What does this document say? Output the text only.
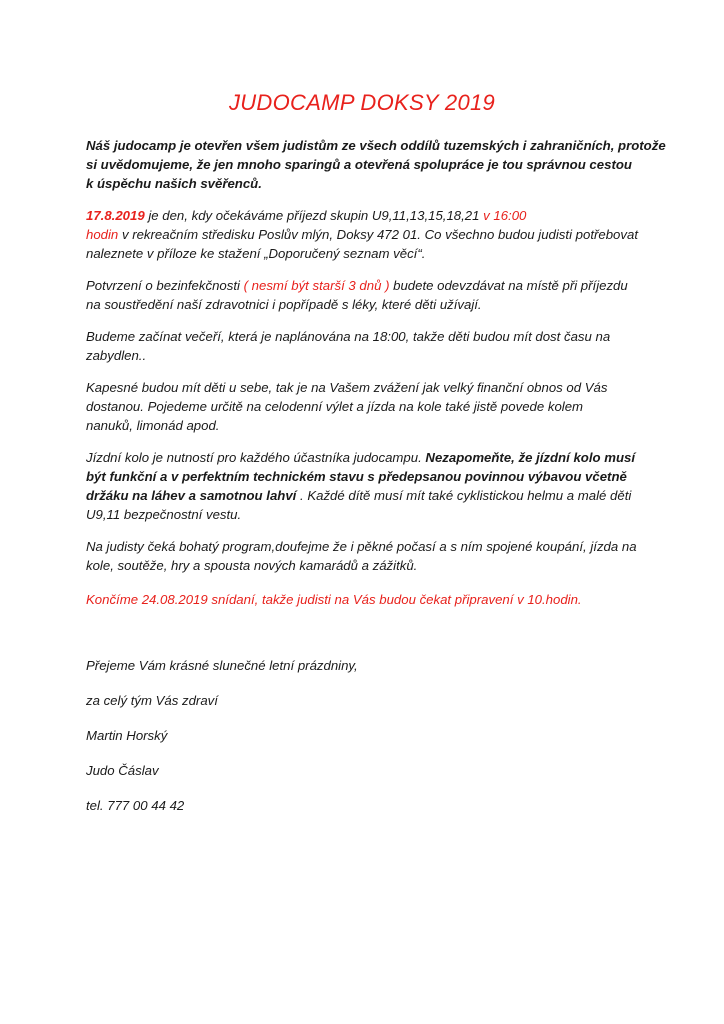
JUDOCAMP DOKSY 2019

Náš judocamp je otevřen všem judistům ze všech oddílů tuzemských i zahraničních, protože
si uvědomujeme, že jen mnoho sparingů a otevřená spolupráce je tou správnou cestou
k úspěchu našich svěřenců.

17.8.2019 je den, kdy očekáváme příjezd skupin U9,11,13,15,18,21 v 16:00
hodin v rekreačním středisku Poslův mlýn, Doksy 472 01. Co všechno budou judisti potřebovat
naleznete v příloze ke stažení „Doporučený seznam věcí“.

Potvrzení o bezinfekčnosti ( nesmí být starší 3 dnů ) budete odevzdávat na místě při příjezdu
na soustředění naší zdravotnici i popřípadě s léky, které děti užívají.

Budeme začínat večeří, která je naplánována na 18:00, takže děti budou mít dost času na
zabydlen..

Kapesné budou mít děti u sebe, tak je na Vašem zvážení jak velký finanční obnos od Vás
dostanou. Pojedeme určitě na celodenní výlet a jízda na kole také jistě povede kolem
nanuků, limonád apod.

Jízdní kolo je nutností pro každého účastníka judocampu. Nezapomeňte, že jízdní kolo musí
být funkční a v perfektním technickém stavu s předepsanou povinnou výbavou včetně
držáku na láhev a samotnou lahví . Každé dítě musí mít také cyklistickou helmu a malé děti
U9,11 bezpečnostní vestu.

Na judisty čeká bohatý program,doufejme že i pěkné počasí a s ním spojené koupání, jízda na
kole, soutěže, hry a spousta nových kamarádů a zážitků.

Končíme 24.08.2019 snídaní, takže judisti na Vás budou čekat připravení v 10.hodin.

Přejeme Vám krásné slunečné letní prázdniny,

za celý tým Vás zdraví

Martin Horský

Judo Čáslav

tel. 777 00 44 42
